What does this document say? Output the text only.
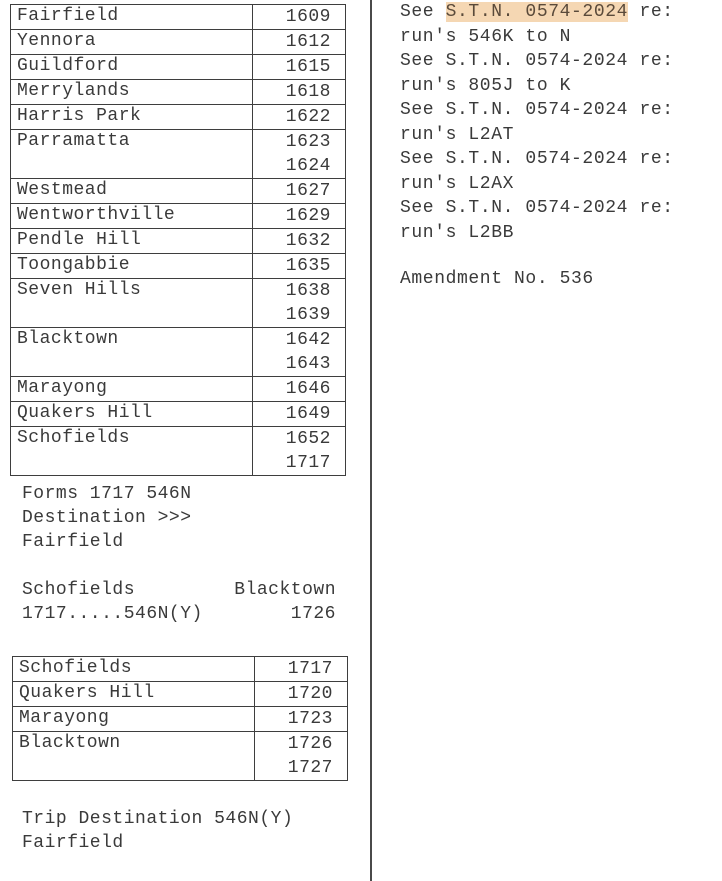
Fairfield	1609

Yennora	1612

Guildford	1615

Merrylands	1618

Harris Park	1622

Parramatta	1623
1624

Westmead	1627

Wentworthville	1629

Pendle Hill	1632

Toongabbie	1635

Seven Hills	1638
1639

Blacktown	1642
1643

Marayong	1646

Quakers Hill	1649

Schofields	1652
1717
Forms 1717 546N
Destination >>>
Fairfield
Schofields	Blacktown
1717.....546N(Y)	1726
Schofields	1717

Quakers Hill	1720

Marayong	1723

Blacktown	1726
1727
Trip Destination 546N(Y)
Fairfield
See S.T.N. 0574-2024 re:
run's 546K to N
See S.T.N. 0574-2024 re:
run's 805J to K
See S.T.N. 0574-2024 re:
run's L2AT
See S.T.N. 0574-2024 re:
run's L2AX
See S.T.N. 0574-2024 re:
run's L2BB
Amendment No. 536
